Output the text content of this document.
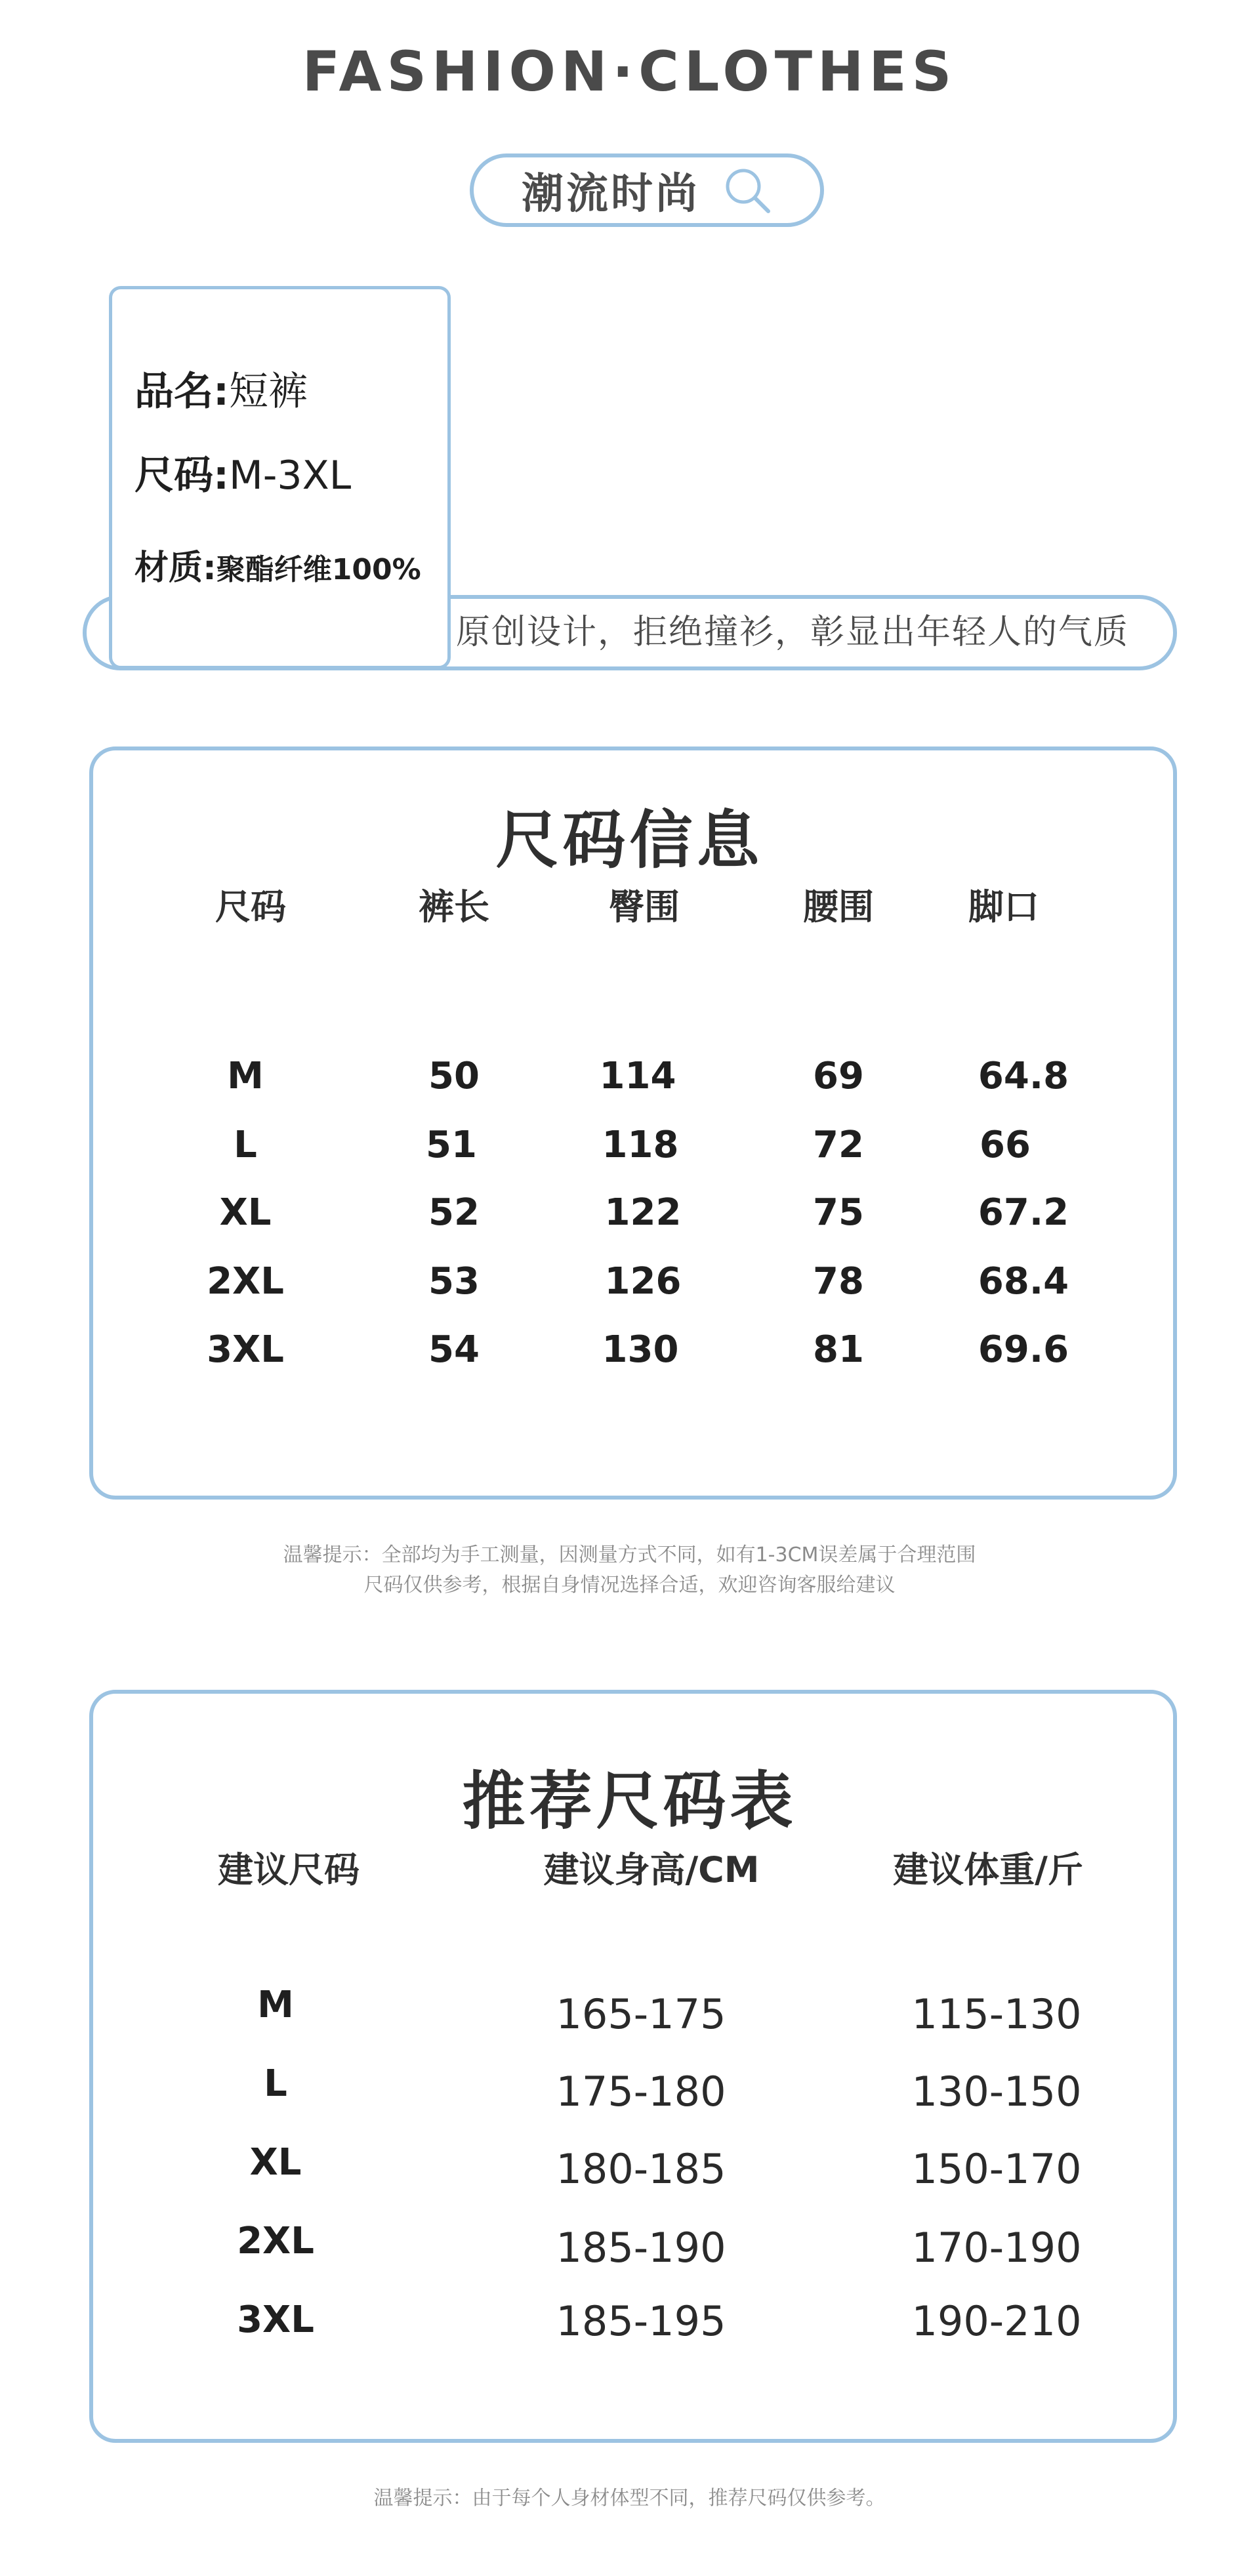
FASHION·CLOTHES
潮流时尚
原创设计，拒绝撞衫，彰显出年轻人的气质
品名:短裤
尺码:M-3XL
材质:聚酯纤维100%
尺码信息
尺码	裤长	臀围	腰围	脚口
M	50	114	69	64.8
L	51	118	72	66
XL	52	122	75	67.2
2XL	53	126	78	68.4
3XL	54	130	81	69.6
温馨提示：全部均为手工测量，因测量方式不同，如有1-3CM误差属于合理范围
尺码仅供参考，根据自身情况选择合适，欢迎咨询客服给建议
推荐尺码表
建议尺码	建议身高/CM	建议体重/斤
M	165-175	115-130
L	175-180	130-150
XL	180-185	150-170
2XL	185-190	170-190
3XL	185-195	190-210
温馨提示：由于每个人身材体型不同，推荐尺码仅供参考。
